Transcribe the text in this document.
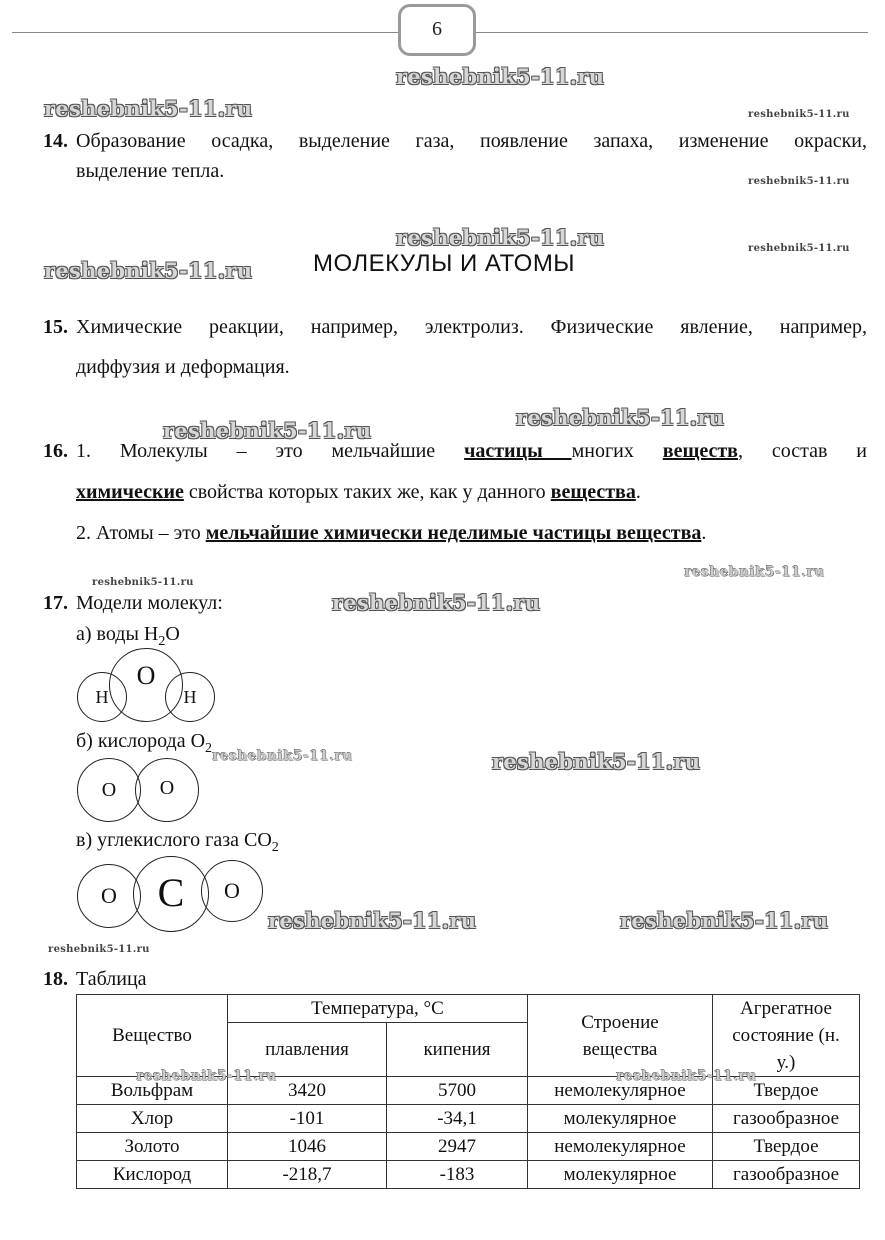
6
reshebnik5-11.ru
reshebnik5-11.ru	reshebnik5-11.ru
reshebnik5-11.ru
reshebnik5-11.ru	reshebnik5-11.ru
reshebnik5-11.ru
reshebnik5-11.ru
reshebnik5-11.ru
reshebnik5-11.ru
reshebnik5-11.ru
reshebnik5-11.ru
reshebnik5-11.ru	reshebnik5-11.ru
reshebnik5-11.ru	reshebnik5-11.ru
reshebnik5-11.ru
14. Образование осадка, выделение газа, появление запаха, изменение окраски,
выделение тепла.
МОЛЕКУЛЫ И АТОМЫ
15. Химические реакции, например, электролиз. Физические явление, например,
диффузия и деформация.
16. 1. Молекулы – это мельчайшие частицы многих веществ, состав и
химические свойства которых таких же, как у данного вещества.
2. Атомы – это мельчайшие химически неделимые частицы вещества.
17. Модели молекул:
а) воды $H_2O$
H	H
O
б) кислорода $O_2$
O	O
в) углекислого газа $CO_2$
O	O
C
18. Таблица
Вещество	Температура, °С		Строение вещества	Агрегатное состояние (н. у.)

	плавления	кипения		
Вольфрам	3420	5700	немолекулярное	Твердое
Хлор	-101	-34,1	молекулярное	газообразное
Золото	1046	2947	немолекулярное	Твердое
Кислород	-218,7	-183	молекулярное	газообразное
reshebnik5-11.ru	reshebnik5-11.ru
